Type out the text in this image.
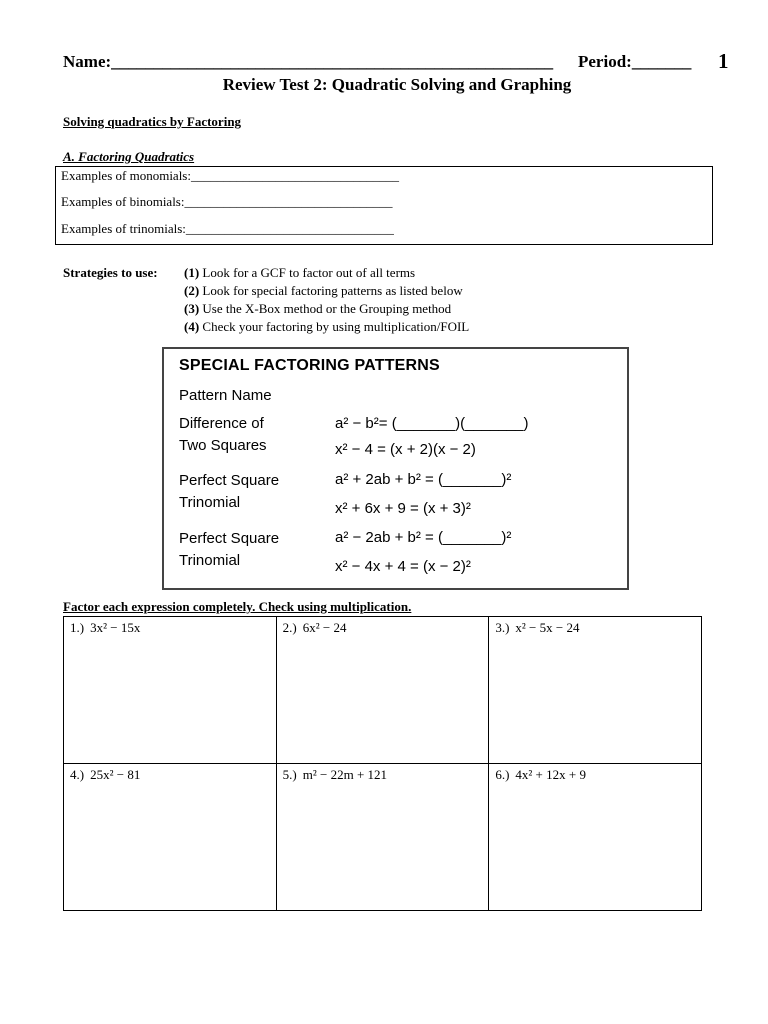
Name:____________________________________________________ Period:_______ 1
Review Test 2: Quadratic Solving and Graphing
Solving quadratics by Factoring
A. Factoring Quadratics
Examples of monomials:________________________________
Examples of binomials:________________________________
Examples of trinomials:________________________________
Strategies to use: (1) Look for a GCF to factor out of all terms
(2) Look for special factoring patterns as listed below
(3) Use the X-Box method or the Grouping method
(4) Check your factoring by using multiplication/FOIL
SPECIAL FACTORING PATTERNS
Pattern Name
Difference of
Two Squares
a² − b²= (_______)(_______)
x² − 4 = (x + 2)(x − 2)
Perfect Square
Trinomial
a² + 2ab + b² = (_______)²
x² + 6x + 9 = (x + 3)²
Perfect Square
Trinomial
a² − 2ab + b² = (_______)²
x² − 4x + 4 = (x − 2)²
Factor each expression completely. Check using multiplication.
1.) 3x² − 15x	2.) 6x² − 24	3.) x² − 5x − 24
4.) 25x² − 81	5.) m² − 22m + 121	6.) 4x² + 12x + 9
